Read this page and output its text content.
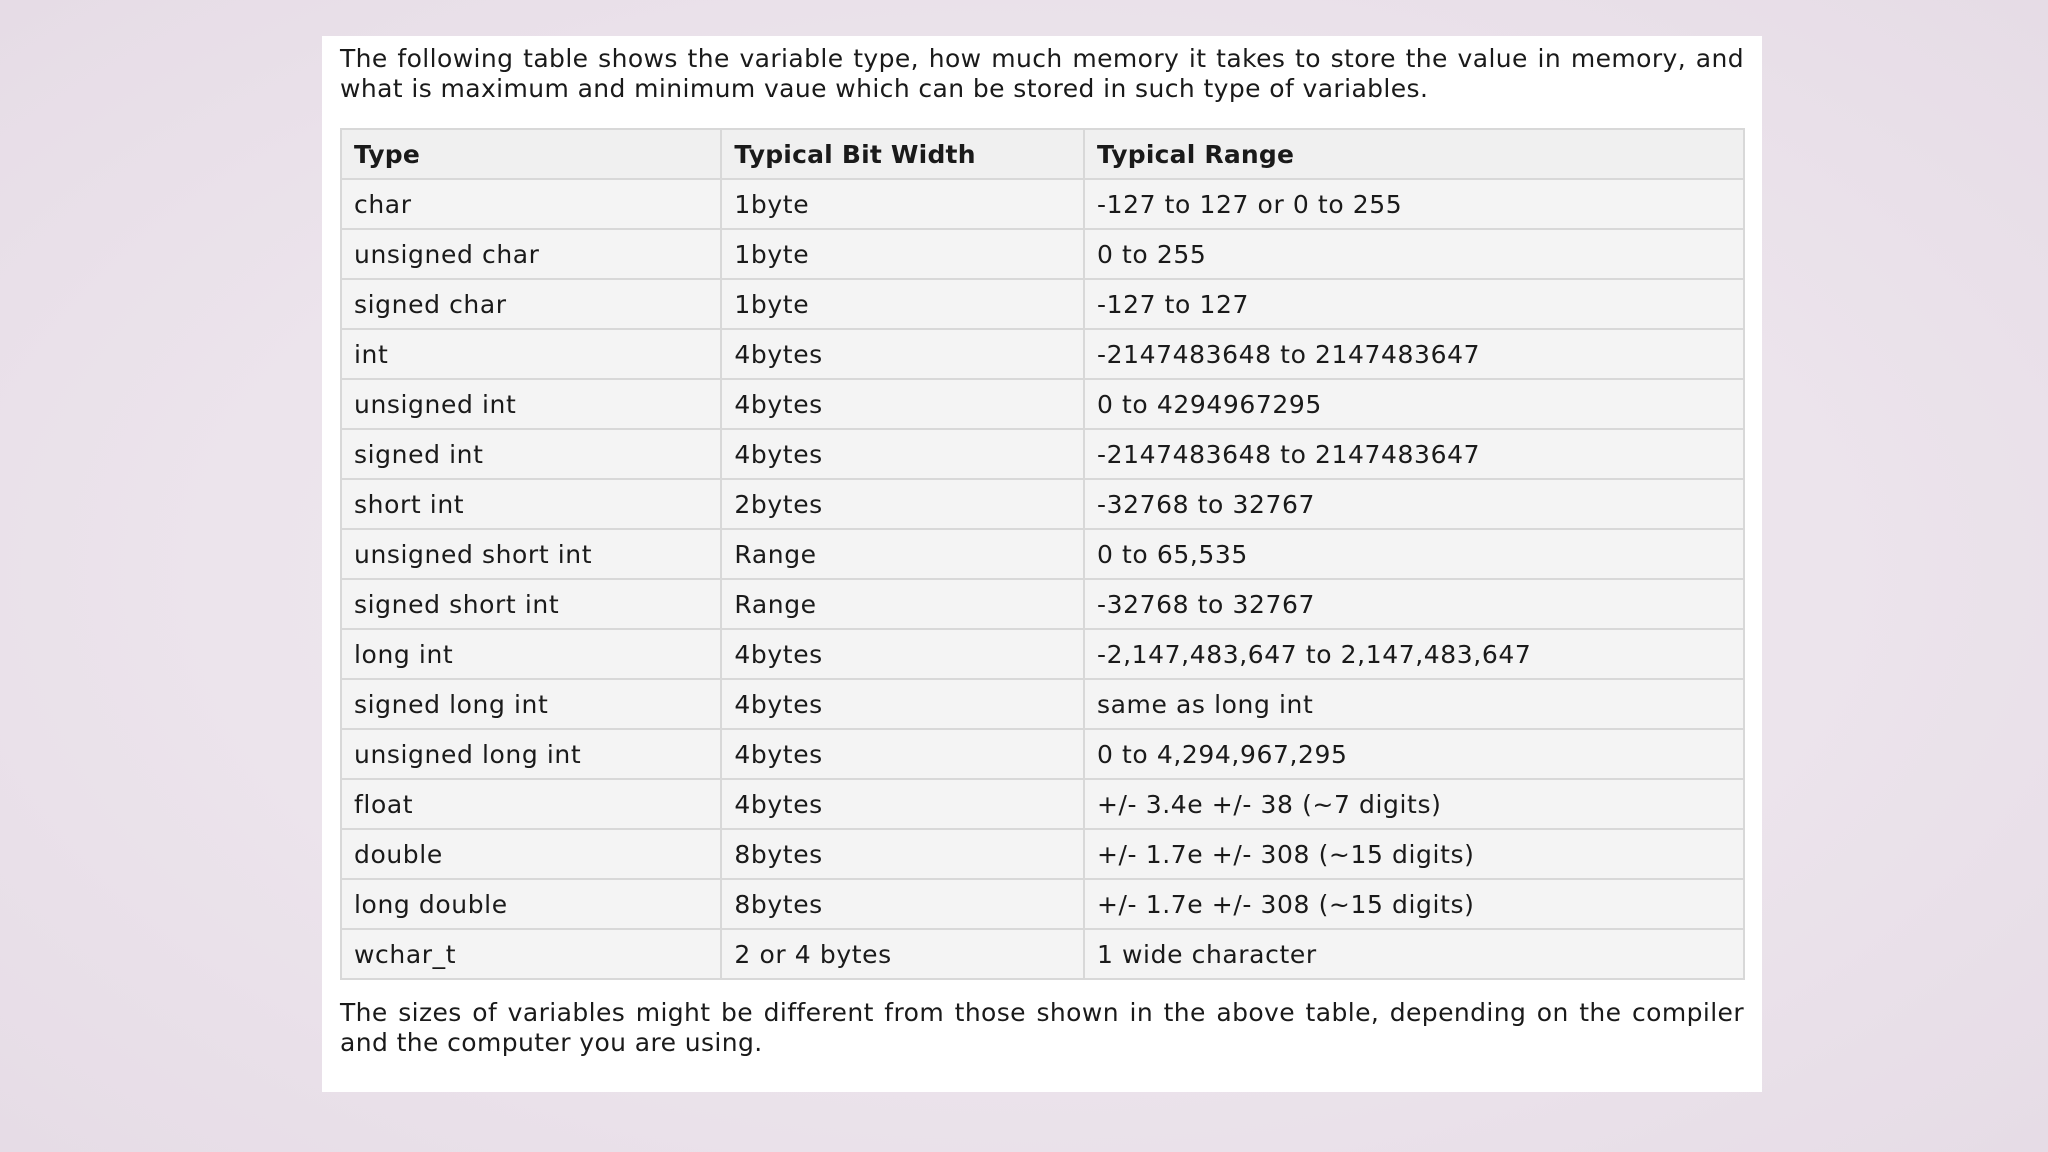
The following table shows the variable type, how much memory it takes to store the value in memory, and what is maximum and minimum vaue which can be stored in such type of variables.

Type	Typical Bit Width	Typical Range
char	1byte	-127 to 127 or 0 to 255
unsigned char	1byte	0 to 255
signed char	1byte	-127 to 127
int	4bytes	-2147483648 to 2147483647
unsigned int	4bytes	0 to 4294967295
signed int	4bytes	-2147483648 to 2147483647
short int	2bytes	-32768 to 32767
unsigned short int	Range	0 to 65,535
signed short int	Range	-32768 to 32767
long int	4bytes	-2,147,483,647 to 2,147,483,647
signed long int	4bytes	same as long int
unsigned long int	4bytes	0 to 4,294,967,295
float	4bytes	+/- 3.4e +/- 38 (~7 digits)
double	8bytes	+/- 1.7e +/- 308 (~15 digits)
long double	8bytes	+/- 1.7e +/- 308 (~15 digits)
wchar_t	2 or 4 bytes	1 wide character

The sizes of variables might be different from those shown in the above table, depending on the compiler and the computer you are using.
